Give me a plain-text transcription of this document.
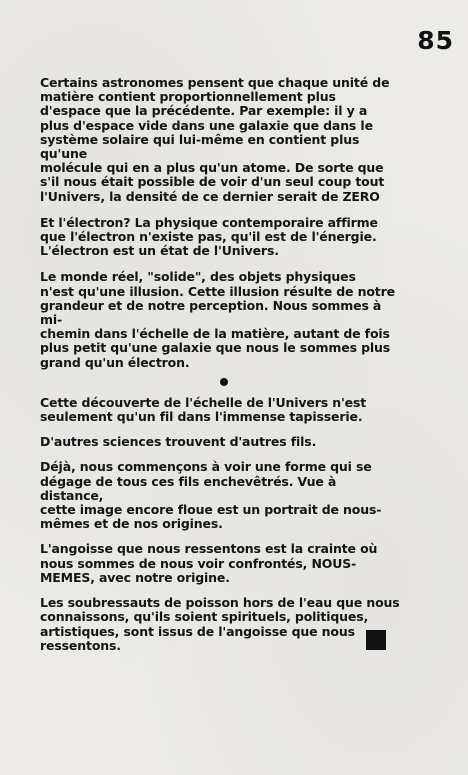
85

Certains astronomes pensent que chaque unité de
matière contient proportionnellement plus
d'espace que la précédente. Par exemple: il y a
plus d'espace vide dans une galaxie que dans le
système solaire qui lui-même en contient plus qu'une
molécule qui en a plus qu'un atome. De sorte que
s'il nous était possible de voir d'un seul coup tout
l'Univers, la densité de ce dernier serait de ZERO

Et l'électron? La physique contemporaire affirme
que l'électron n'existe pas, qu'il est de l'énergie.
L'électron est un état de l'Univers.

Le monde réel, "solide", des objets physiques
n'est qu'une illusion. Cette illusion résulte de notre
grandeur et de notre perception. Nous sommes à mi-
chemin dans l'échelle de la matière, autant de fois
plus petit qu'une galaxie que nous le sommes plus
grand qu'un électron.

Cette découverte de l'échelle de l'Univers n'est
seulement qu'un fil dans l'immense tapisserie.

D'autres sciences trouvent d'autres fils.

Déjà, nous commençons à voir une forme qui se
dégage de tous ces fils enchevêtrés. Vue à distance,
cette image encore floue est un portrait de nous-
mêmes et de nos origines.

L'angoisse que nous ressentons est la crainte où
nous sommes de nous voir confrontés, NOUS-
MEMES, avec notre origine.

Les soubressauts de poisson hors de l'eau que nous
connaissons, qu'ils soient spirituels, politiques,
artistiques, sont issus de l'angoisse que nous
ressentons.
